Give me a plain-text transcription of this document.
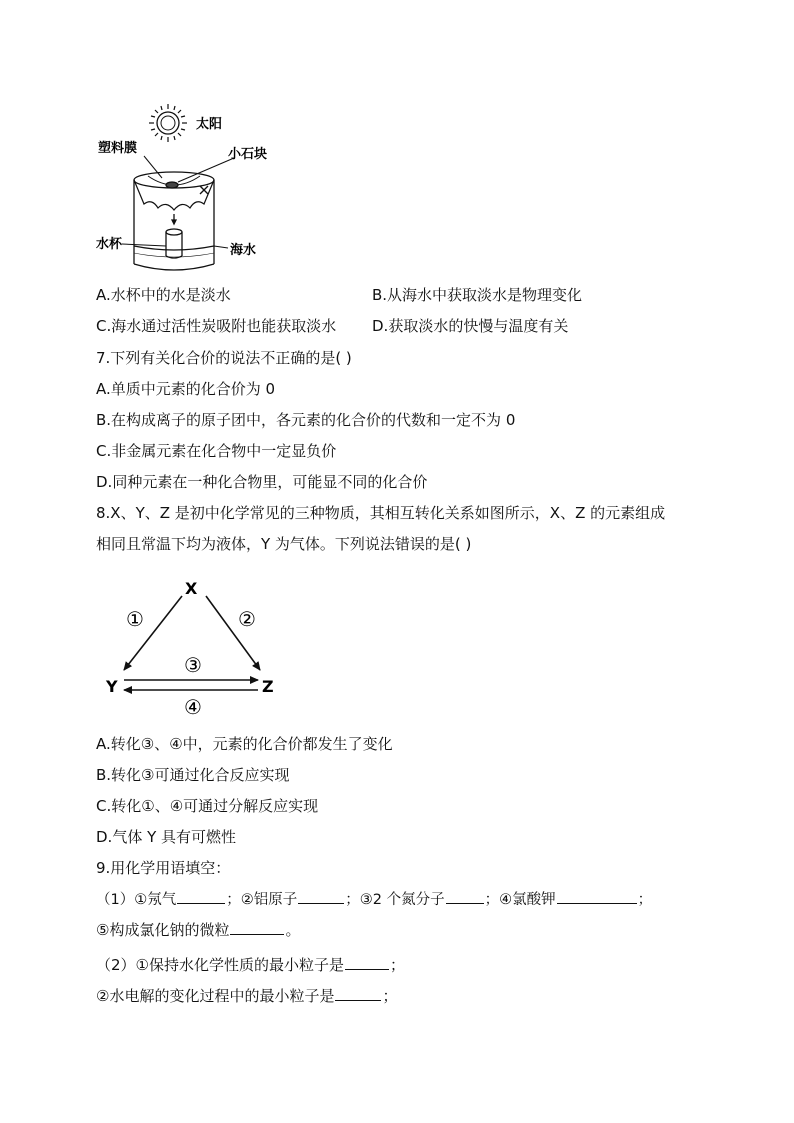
太阳
塑料膜	小石块
水杯	海水
A.水杯中的水是淡水	B.从海水中获取淡水是物理变化
C.海水通过活性炭吸附也能获取淡水 D.获取淡水的快慢与温度有关
7.下列有关化合价的说法不正确的是( )
A.单质中元素的化合价为 0
B.在构成离子的原子团中，各元素的化合价的代数和一定不为 0
C.非金属元素在化合物中一定显负价
D.同种元素在一种化合物里，可能显不同的化合价
8.X、Y、Z 是初中化学常见的三种物质，其相互转化关系如图所示，X、Z 的元素组成
相同且常温下均为液体，Y 为气体。下列说法错误的是( )
X
Y	Z
①	②
③
④
A.转化③、④中，元素的化合价都发生了变化
B.转化③可通过化合反应实现
C.转化①、④可通过分解反应实现
D.气体 Y 具有可燃性
9.用化学用语填空：
（1）①氖气	；②铝原子	；③2 个氮分子	；④氯酸钾	；
⑤构成氯化钠的微粒	。
（2）①保持水化学性质的最小粒子是	；
②水电解的变化过程中的最小粒子是	；
